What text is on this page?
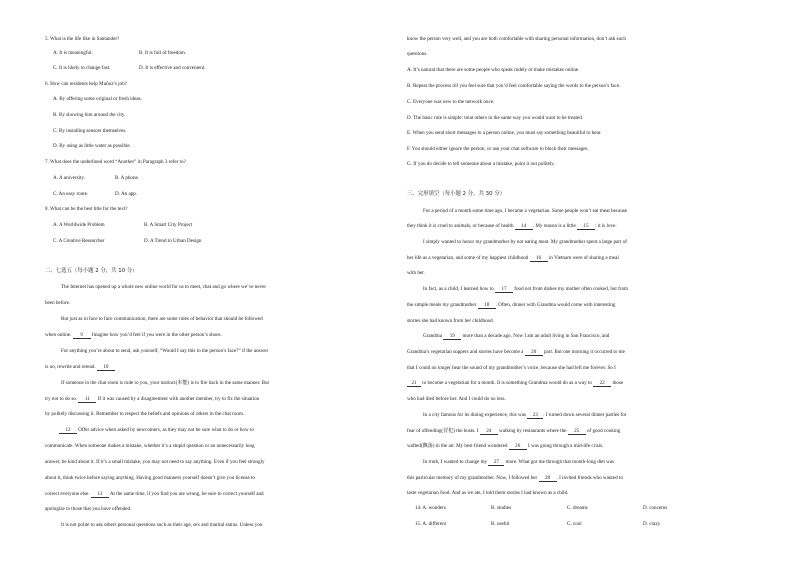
5. What is the life like in Santander?
A. It is meaningful.	B. It is full of freedom.
C. It is likely to change fast.	D. It is effective and convenient.
6. How can residents help Muñoz’s job?
A. By offering some original or fresh ideas.
B. By showing him around the city.
C. By installing sensors themselves.
D. By using as little water as possible.
7. What does the underlined word “Another” in Paragraph 3 refer to?
A. A university.	B. A phone.
C. An easy route.	D. An app.
8. What can be the best title for the text?
A. A Worldwide Problem	B. A Smart City Project
C. A Creative Researcher	D. A Trend in Urban Design
二、七选五（每小题 2 分，共 10 分）
The Internet has opened up a whole new online world for us to meet, chat and go where we’ve never
been before.
But just as in face to face communication, there are some rules of behavior that should be followed
when online. 9 Imagine how you’d feel if you were in the other person’s shoes.
For anything you’re about to send, ask yourself, “Would I say this to the person’s face?” if the answer
is no, rewrite and reread. 10
If someone in the chat room is rude to you, your instinct(本能) is to fire back in the same manner. But
try not to do so. 11 If it was caused by a disagreement with another member, try to fix the situation
by politely discussing it. Remember to respect the beliefs and opinions of others in the chat room.
12 Offer advice when asked by newcomers, as they may not be sure what to do or how to
communicate. When someone makes a mistake, whether it’s a stupid question or an unnecessarily long
answer, be kind about it. If it’s a small mistake, you may not need to say anything. Even if you feel strongly
about it, think twice before saying anything. Having good manners yourself doesn’t give you license to
correct everyone else. 13 At the same time, if you find you are wrong, be sure to correct yourself and
apologize to those that you have offended.
It is not polite to ask others personal questions such as their age, sex and marital status. Unless you
know the person very well, and you are both comfortable with sharing personal information, don’t ask such
questions.
A. It’s natural that there are some people who speak rudely or make mistakes online.
B. Repeat the process till you feel sure that you’d feel comfortable saying the words to the person’s face.
C. Everyone was new to the network once.
D. The basic rule is simple: treat others in the same way you would want to be treated.
E. When you send short messages to a person online, you must say something beautiful to hear.
F. You should either ignore the person, or use your chat software to block their messages.
G. If you do decide to tell someone about a mistake, point it out politely.
三、完形填空（每小题 2 分，共 30 分）
For a period of a month some time ago, I became a vegetarian. Some people won’t eat meat because
they think it is cruel to animals, or because of health 14 . My reason is a little 15 : it is love.
I simply wanted to honor my grandmother by not eating meat. My grandmother spent a large part of
her life as a vegetarian, and some of my happiest childhood 16 in Vietnam were of sharing a meal
with her.
In fact, as a child, I learned how to 17 food not from dishes my mother often cooked, but from
the simple meals my grandmother 18 . Often, dinner with Grandma would come with interesting
stories she had known from her childhood.
Grandma 19 more than a decade ago. Now I am an adult living in San Francisco, and
Grandma’s vegetarian suppers and stories have become a 20 part. But one morning it occurred to me
that I could no longer hear the sound of my grandmother’s voice, because she had left me forever. So I
21 to become a vegetarian for a month. It is something Grandma would do as a way to 22 those
who had died before her. And I could do no less.
In a city famous for its dining experience, this was 23 . I turned down several dinner parties for
fear of offending(冒犯) the hosts. I 24 walking by restaurants where the 25 of good cooking
wafted(飘荡) in the air. My best friend wondered 26 I was going through a mid-life crisis.
In truth, I wanted to change my 27 more. What got me through that month-long diet was
this particular memory of my grandmother. Now, I followed her 28 . I invited friends who wanted to
taste vegetarian food. And as we ate, I told them stories I had known as a child.
14. A. wonders	B. studies	C. dreams	D. concerns
15. A. different	B. useful	C. cool	D. crazy
